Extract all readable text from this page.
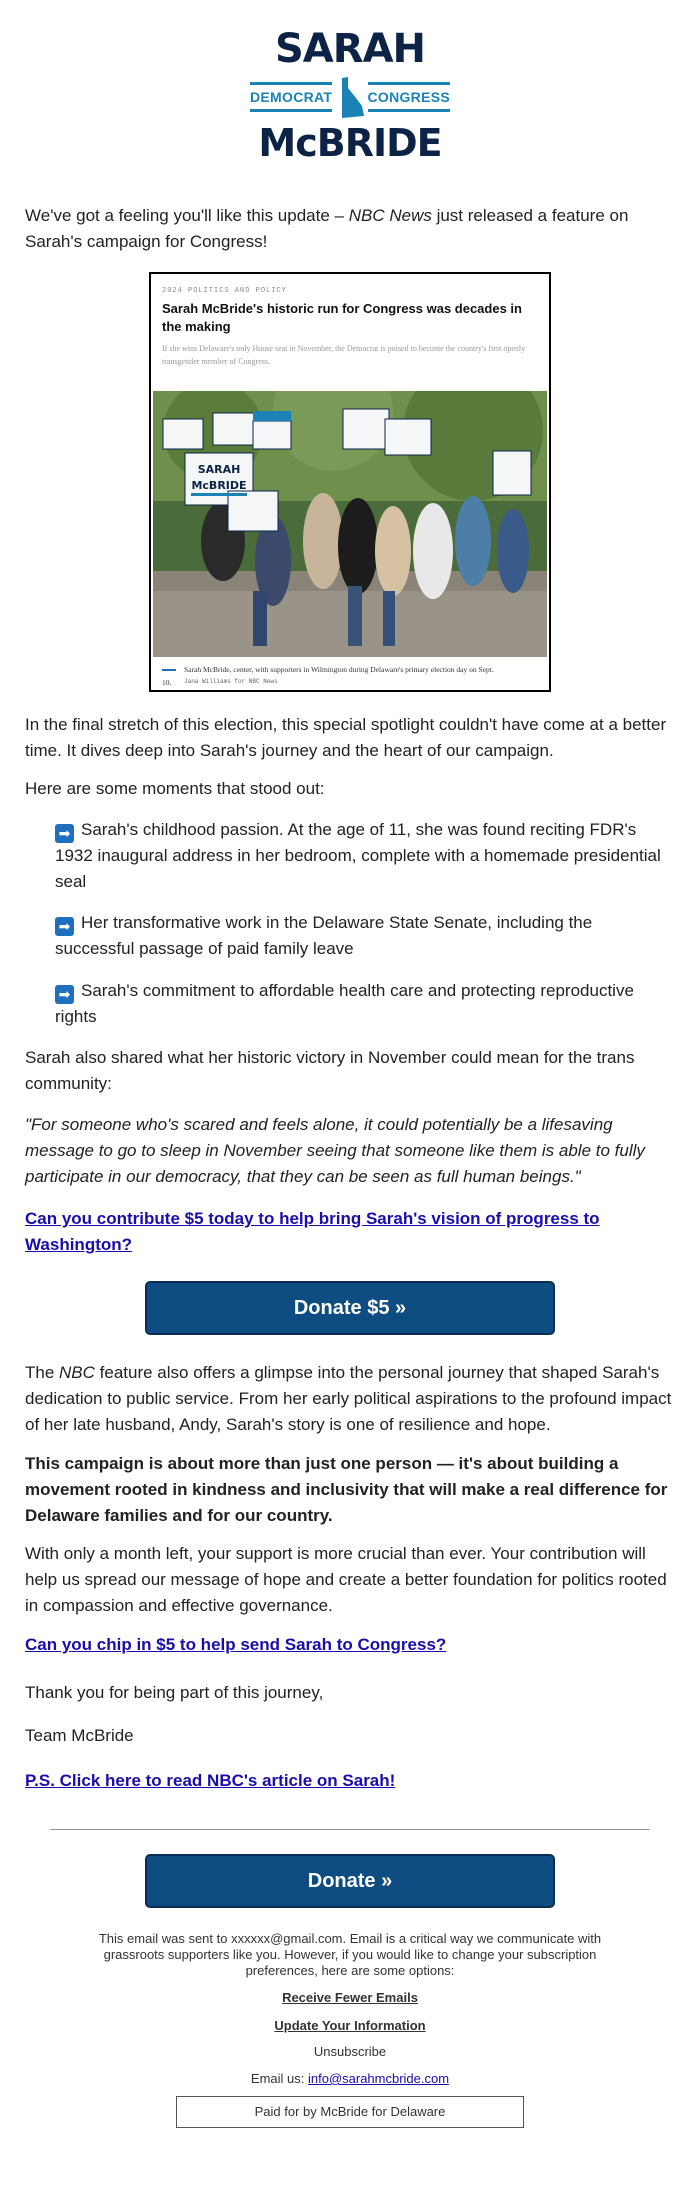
SARAH
DEMOCRAT	CONGRESS
McBRIDE

We've got a feeling you'll like this update – NBC News just released a feature on Sarah's campaign for Congress!

2024 POLITICS AND POLICY
Sarah McBride's historic run for Congress was decades in the making
If she wins Delaware's only House seat in November, the Democrat is poised to become the country's first openly transgender member of Congress.
SARAH
McBRIDE
Sarah McBride, center, with supporters in Wilmington during Delaware's primary election day on Sept.
10. Jana Williams for NBC News

In the final stretch of this election, this special spotlight couldn't have come at a better time. It dives deep into Sarah's journey and the heart of our campaign.

Here are some moments that stood out:

➡ Sarah's childhood passion. At the age of 11, she was found reciting FDR's 1932 inaugural address in her bedroom, complete with a homemade presidential seal
➡ Her transformative work in the Delaware State Senate, including the successful passage of paid family leave
➡ Sarah's commitment to affordable health care and protecting reproductive rights

Sarah also shared what her historic victory in November could mean for the trans community:

"For someone who's scared and feels alone, it could potentially be a lifesaving message to go to sleep in November seeing that someone like them is able to fully participate in our democracy, that they can be seen as full human beings."

Can you contribute $5 today to help bring Sarah's vision of progress to Washington?
Donate $5 »

The NBC feature also offers a glimpse into the personal journey that shaped Sarah's dedication to public service. From her early political aspirations to the profound impact of her late husband, Andy, Sarah's story is one of resilience and hope.

This campaign is about more than just one person — it's about building a movement rooted in kindness and inclusivity that will make a real difference for Delaware families and for our country.

With only a month left, your support is more crucial than ever. Your contribution will help us spread our message of hope and create a better foundation for politics rooted in compassion and effective governance.

Can you chip in $5 to help send Sarah to Congress?

Thank you for being part of this journey,

Team McBride

P.S. Click here to read NBC's article on Sarah!
Donate »
This email was sent to xxxxxx@gmail.com. Email is a critical way we communicate with grassroots supporters like you. However, if you would like to change your subscription preferences, here are some options:
Receive Fewer Emails
Update Your Information
Unsubscribe
Email us: info@sarahmcbride.com
Paid for by McBride for Delaware
